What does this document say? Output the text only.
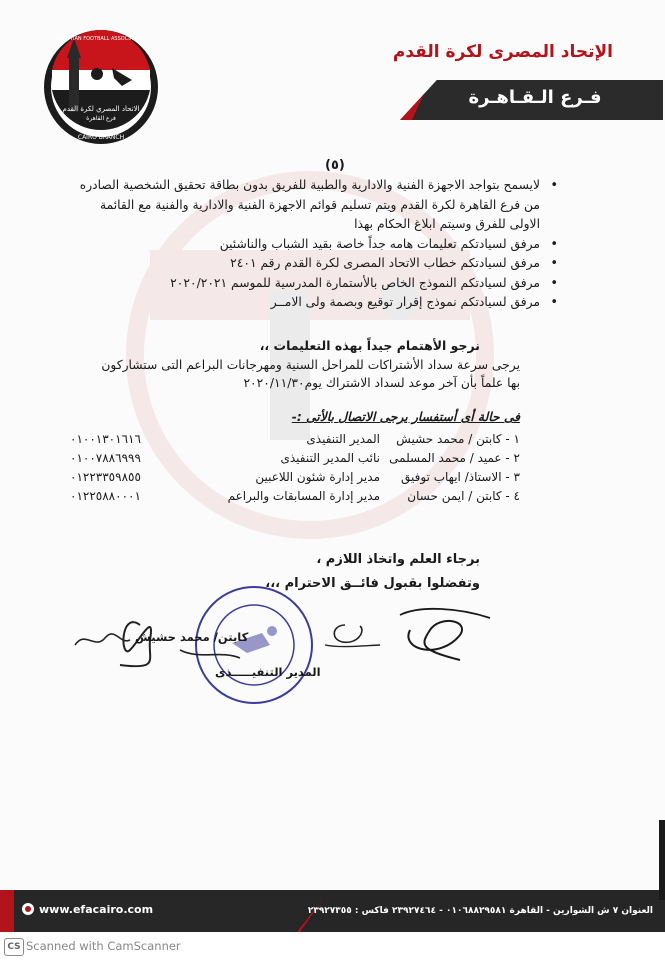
الاتحاد المصري لكرة القدم
فرع القاهرة
EGYPTIAN FOOTBALL ASSOCIATION
CAIRO BRANCH
الإتحاد المصرى لكرة القدم
فـرع الـقـاهـرة
(٥)
• لايسمح بتواجد الاجهزة الفنية والادارية والطبية للفريق بدون بطاقة تحقيق الشخصية الصادره من فرع القاهرة لكرة القدم ويتم تسليم قوائم الاجهزة الفنية والادارية والفنية مع القائمة الاولى للفرق وسيتم ابلاغ الحكام بهذا
• مرفق لسيادتكم تعليمات هامه جداً خاصة بقيد الشباب والناشئين
• مرفق لسيادتكم خطاب الاتحاد المصرى لكرة القدم رقم ٢٤٠١
• مرفق لسيادتكم النموذج الخاص بالأستمارة المدرسية للموسم ٢٠٢٠/٢٠٢١
• مرفق لسيادتكم نموذج إقرار توقيع وبصمة ولى الامــر
نرجو الأهتمام جيداً بهذه التعليمات ،،
يرجى سرعة سداد الأشتراكات للمراحل السنية ومهرجانات البراعم التى ستشاركون بها علماً بأن آخر موعد لسداد الاشتراك يوم٢٠٢٠/١١/٣٠
فى حالة أى أستفسار يرجى الاتصال بالأتى :-
٠١٠٠١٣٠١٦١٦	المدير التنفيذى ١ - كابتن / محمد حشيش
٠١٠٠٧٨٨٦٩٩٩	نائب المدير التنفيذى ٢ - عميد / محمد المسلمى
٠١٢٢٣٣٥٩٨٥٥	مدير إدارة شئون اللاعبين ٣ - الاستاذ/ ايهاب توفيق
٠١٢٢٥٨٨٠٠٠١	مدير إدارة المسابقات والبراعم ٤ - كابتن / ايمن حسان
برجاء العلم واتخاذ اللازم ،
وتفضلوا بقبول فائــق الاحترام ،،،
كابتن/ محمد حشيش
المدير التنفيـــــذى
www.efacairo.com	العنوان ٧ ش الشوارين - القاهرة ٠١٠٦٨٨٢٩٥٨١ - ٢٣٩٢٧٤٦٤ فاكس : ٢٣٩٢٧٣٥٥
CS Scanned with CamScanner
